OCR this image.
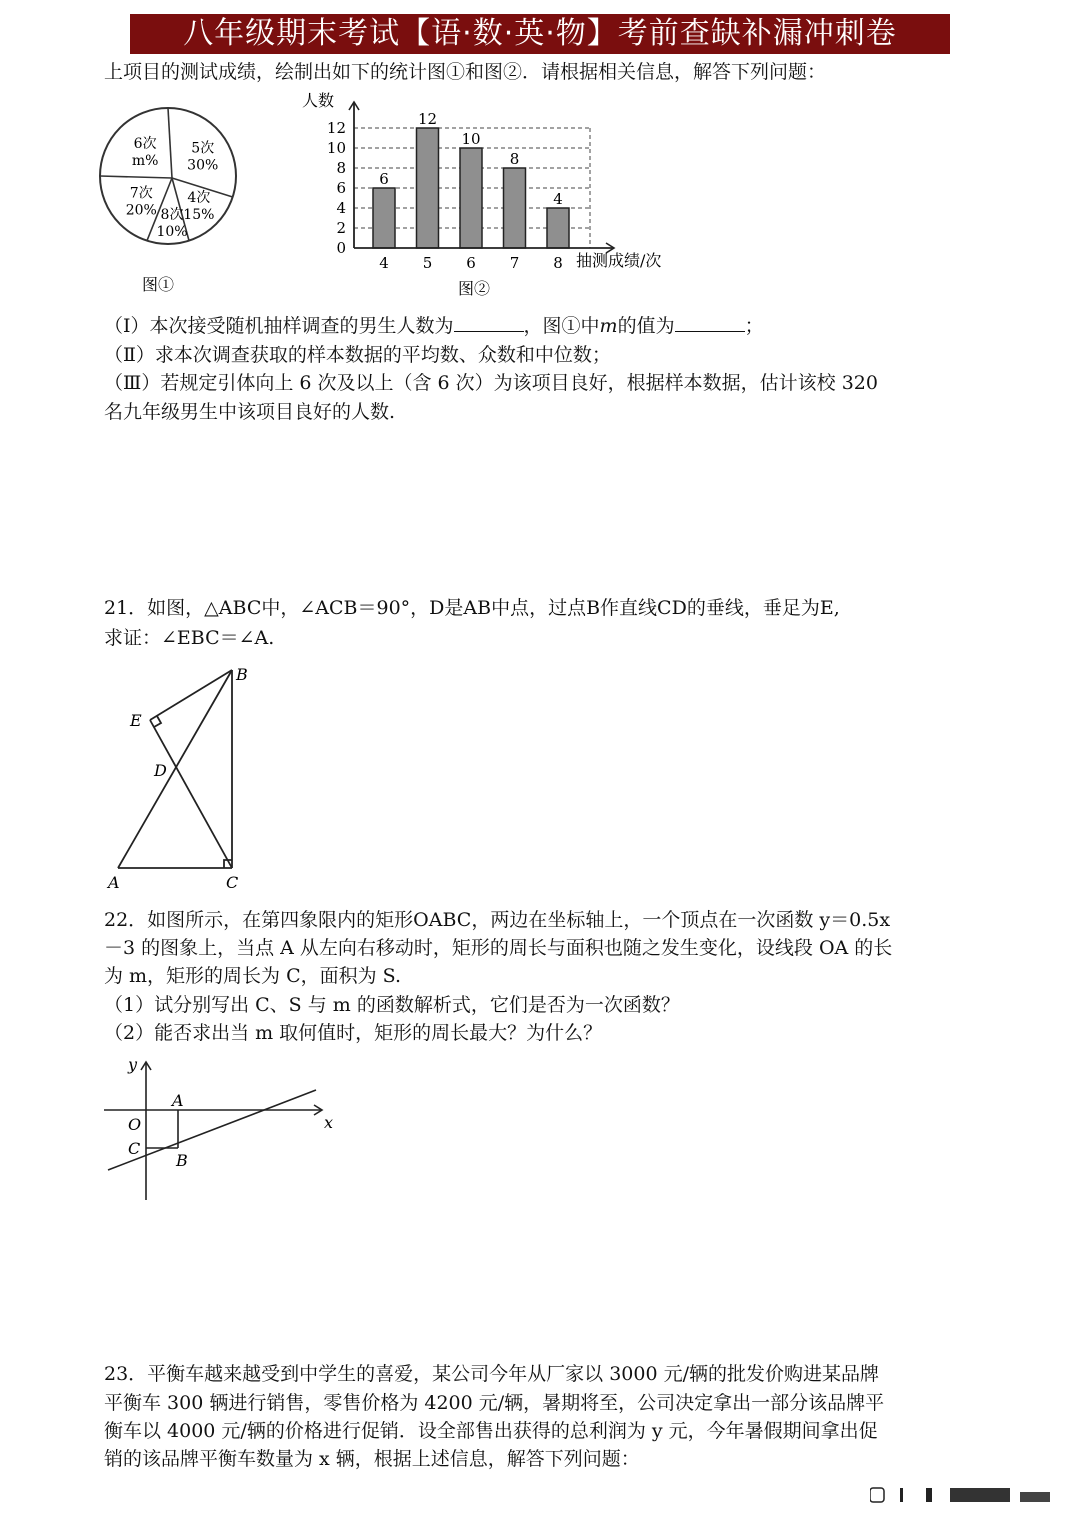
八年级期末考试【语·数·英·物】考前查缺补漏冲刺卷
上项目的测试成绩，绘制出如下的统计图①和图②．请根据相关信息，解答下列问题：
5次
30%
4次
15%
8次
10%
7次
20%
6次
m%
图①
6
12
10
8
4
0
2
4
6
8
10
12
4 5 6 7 8
人数
抽测成绩/次
图②
（Ⅰ）本次接受随机抽样调查的男生人数为	，图①中m的值为	；
（Ⅱ）求本次调查获取的样本数据的平均数、众数和中位数；
（Ⅲ）若规定引体向上 6 次及以上（含 6 次）为该项目良好，根据样本数据，估计该校 320
名九年级男生中该项目良好的人数.
21．如图，△ABC中，∠ACB＝90°，D是AB中点，过点B作直线CD的垂线，垂足为E,
求证：∠EBC＝∠A.
A
B
C
D
E
22．如图所示，在第四象限内的矩形OABC，两边在坐标轴上，一个顶点在一次函数 y＝0.5x
－3 的图象上，当点 A 从左向右移动时，矩形的周长与面积也随之发生变化，设线段 OA 的长
为 m，矩形的周长为 C，面积为 S.
（1）试分别写出 C、S 与 m 的函数解析式，它们是否为一次函数？
（2）能否求出当 m 取何值时，矩形的周长最大？为什么？
y
x
O
A
B
C
23．平衡车越来越受到中学生的喜爱，某公司今年从厂家以 3000 元/辆的批发价购进某品牌
平衡车 300 辆进行销售，零售价格为 4200 元/辆，暑期将至，公司决定拿出一部分该品牌平
衡车以 4000 元/辆的价格进行促销．设全部售出获得的总利润为 y 元，今年暑假期间拿出促
销的该品牌平衡车数量为 x 辆，根据上述信息，解答下列问题：
